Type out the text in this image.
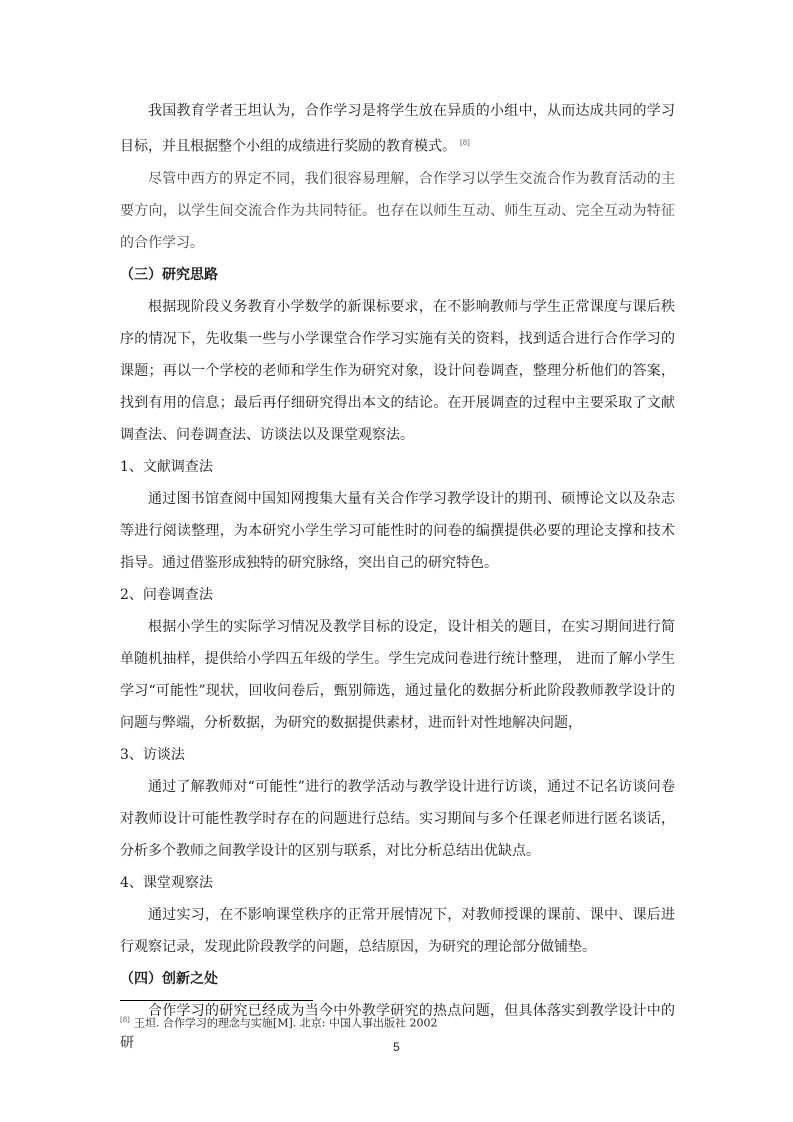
我国教育学者王坦认为，合作学习是将学生放在异质的小组中，从而达成共同的学习目标，并且根据整个小组的成绩进行奖励的教育模式。 [8]

尽管中西方的界定不同，我们很容易理解，合作学习以学生交流合作为教育活动的主要方向，以学生间交流合作为共同特征。也存在以师生互动、师生互动、完全互动为特征的合作学习。

（三）研究思路

根据现阶段义务教育小学数学的新课标要求，在不影响教师与学生正常课度与课后秩序的情况下，先收集一些与小学课堂合作学习实施有关的资料，找到适合进行合作学习的课题；再以一个学校的老师和学生作为研究对象，设计问卷调查，整理分析他们的答案，找到有用的信息；最后再仔细研究得出本文的结论。在开展调查的过程中主要采取了文献调查法、问卷调查法、访谈法以及课堂观察法。

1、文献调查法

通过图书馆查阅中国知网搜集大量有关合作学习教学设计的期刊、硕博论文以及杂志等进行阅读整理，为本研究小学生学习可能性时的问卷的编撰提供必要的理论支撑和技术指导。通过借鉴形成独特的研究脉络，突出自己的研究特色。

2、问卷调查法

根据小学生的实际学习情况及教学目标的设定，设计相关的题目，在实习期间进行简单随机抽样，提供给小学四五年级的学生。学生完成问卷进行统计整理， 进而了解小学生学习“可能性”现状，回收问卷后，甄别筛选，通过量化的数据分析此阶段教师教学设计的问题与弊端，分析数据，为研究的数据提供素材，进而针对性地解决问题，

3、访谈法

通过了解教师对“可能性”进行的教学活动与教学设计进行访谈，通过不记名访谈问卷对教师设计可能性教学时存在的问题进行总结。实习期间与多个任课老师进行匿名谈话，分析多个教师之间教学设计的区别与联系，对比分析总结出优缺点。

4、课堂观察法

通过实习，在不影响课堂秩序的正常开展情况下，对教师授课的课前、课中、课后进行观察记录，发现此阶段教学的问题，总结原因，为研究的理论部分做铺垫。

（四）创新之处

合作学习的研究已经成为当今中外教学研究的热点问题，但具体落实到教学设计中的研

[8] 王坦. 合作学习的理念与实施[M]. 北京: 中国人事出版社 2002
5
